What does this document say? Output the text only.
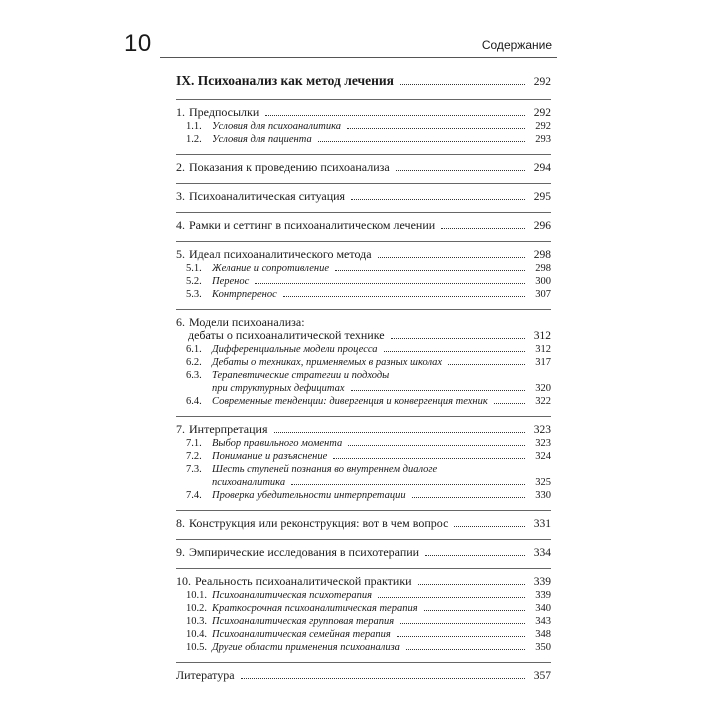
10	Содержание
IX. Психоанализ как метод лечения	292
1. Предпосылки	292
1.1. Условия для психоаналитика	292
1.2. Условия для пациента	293
2. Показания к проведению психоанализа	294
3. Психоаналитическая ситуация	295
4. Рамки и сеттинг в психоаналитическом лечении	296
5. Идеал психоаналитического метода	298
5.1. Желание и сопротивление	298
5.2. Перенос	300
5.3. Контрперенос	307
6. Модели психоанализа:
дебаты о психоаналитической технике	312
6.1. Дифференциальные модели процесса	312
6.2. Дебаты о техниках, применяемых в разных школах	317
6.3. Терапевтические стратегии и подходы
при структурных дефицитах	320
6.4. Современные тенденции: дивергенция и конвергенция техник	322
7. Интерпретация	323
7.1. Выбор правильного момента	323
7.2. Понимание и разъяснение	324
7.3. Шесть ступеней познания во внутреннем диалоге
психоаналитика	325
7.4. Проверка убедительности интерпретации	330
8. Конструкция или реконструкция: вот в чем вопрос	331
9. Эмпирические исследования в психотерапии	334
10. Реальность психоаналитической практики	339
10.1. Психоаналитическая психотерапия	339
10.2. Краткосрочная психоаналитическая терапия	340
10.3. Психоаналитическая групповая терапия	343
10.4. Психоаналитическая семейная терапия	348
10.5. Другие области применения психоанализа	350
Литература	357
